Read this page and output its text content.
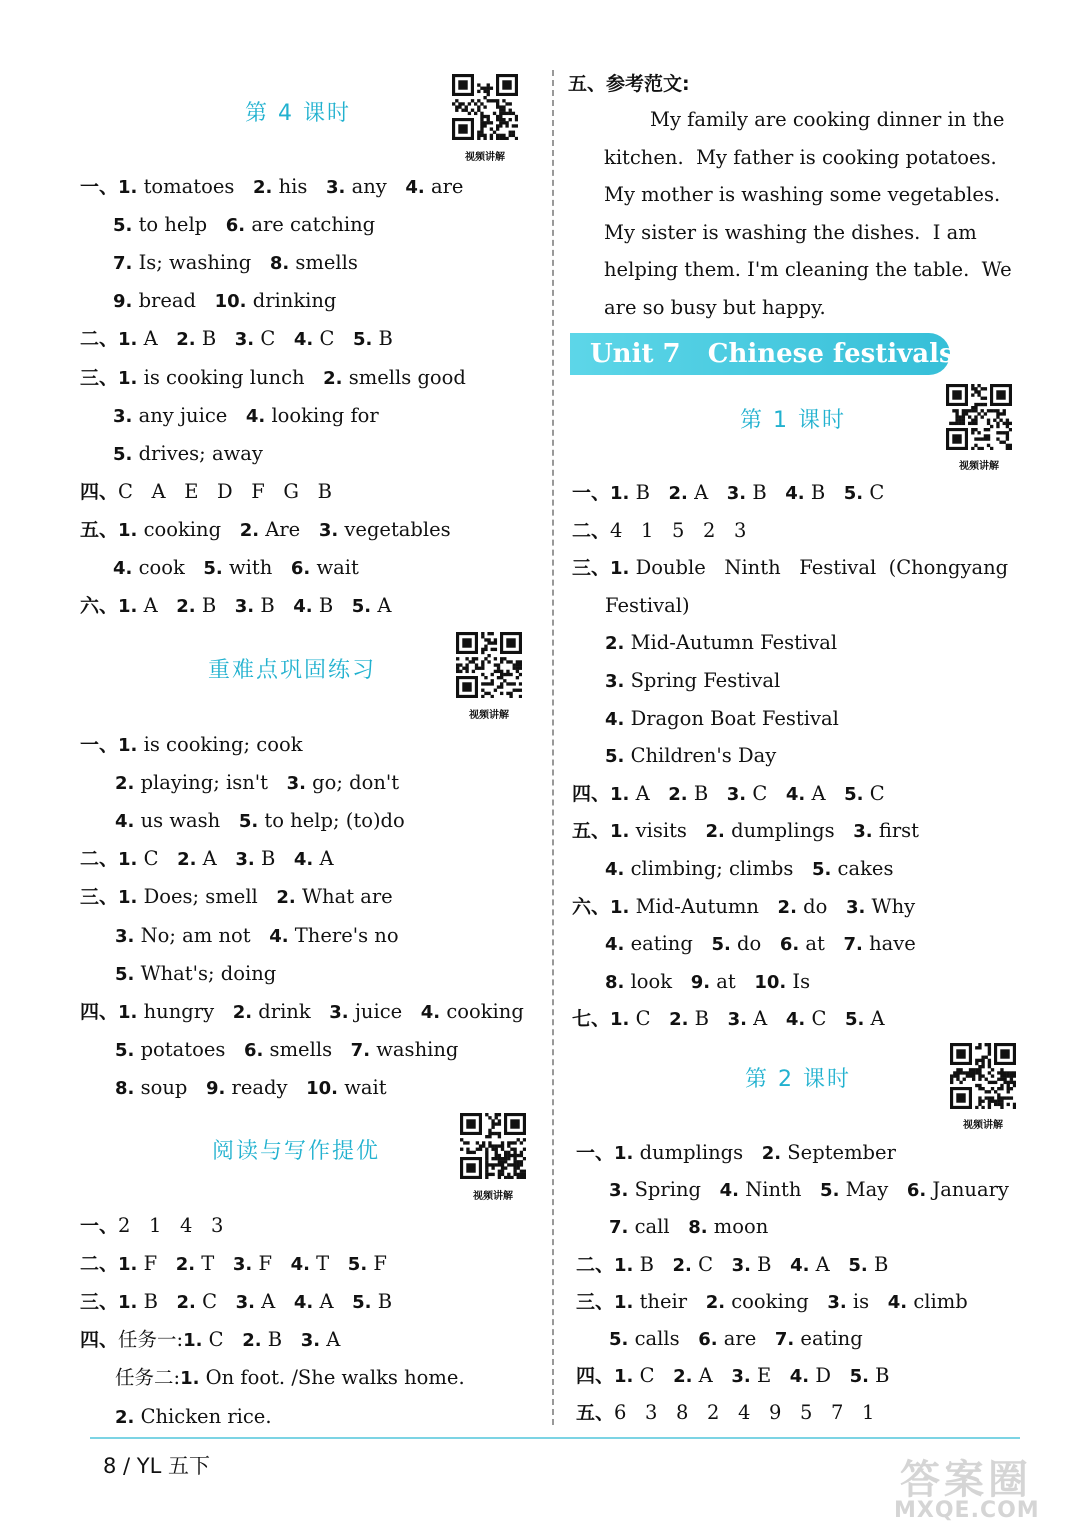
第 4 课时
视频讲解
一、1. tomatoes   2. his   3. any   4. are
5. to help   6. are catching
7. Is; washing   8. smells
9. bread   10. drinking
二、1. A   2. B   3. C   4. C   5. B
三、1. is cooking lunch   2. smells good
3. any juice   4. looking for
5. drives; away
四、C   A   E   D   F   G   B
五、1. cooking   2. Are   3. vegetables
4. cook   5. with   6. wait
六、1. A   2. B   3. B   4. B   5. A
重难点巩固练习
视频讲解
一、1. is cooking; cook
2. playing; isn't   3. go; don't
4. us wash   5. to help; (to)do
二、1. C   2. A   3. B   4. A
三、1. Does; smell   2. What are
3. No; am not   4. There's no
5. What's; doing
四、1. hungry   2. drink   3. juice   4. cooking
5. potatoes   6. smells   7. washing
8. soup   9. ready   10. wait
阅读与写作提优
视频讲解
一、2   1   4   3
二、1. F   2. T   3. F   4. T   5. F
三、1. B   2. C   3. A   4. A   5. B
四、任务一:1. C   2. B   3. A
任务二:1. On foot. /She walks home.
2. Chicken rice.
五、参考范文:
My family are cooking dinner in the
kitchen.  My father is cooking potatoes.
My mother is washing some vegetables.
My sister is washing the dishes.  I am
helping them. I'm cleaning the table.  We
are so busy but happy.
Unit 7   Chinese festivals
第 1 课时
视频讲解
一、1. B   2. A   3. B   4. B   5. C
二、4   1   5   2   3
三、1. Double   Ninth   Festival  (Chongyang
Festival)
2. Mid-Autumn Festival
3. Spring Festival
4. Dragon Boat Festival
5. Children's Day
四、1. A   2. B   3. C   4. A   5. C
五、1. visits   2. dumplings   3. first
4. climbing; climbs   5. cakes
六、1. Mid-Autumn   2. do   3. Why
4. eating   5. do   6. at   7. have
8. look   9. at   10. Is
七、1. C   2. B   3. A   4. C   5. A
第 2 课时
视频讲解
一、1. dumplings   2. September
3. Spring   4. Ninth   5. May   6. January
7. call   8. moon
二、1. B   2. C   3. B   4. A   5. B
三、1. their   2. cooking   3. is   4. climb
5. calls   6. are   7. eating
四、1. C   2. A   3. E   4. D   5. B
五、6   3   8   2   4   9   5   7   1
8 / YL 五下	答案圈
MXQE.COM
